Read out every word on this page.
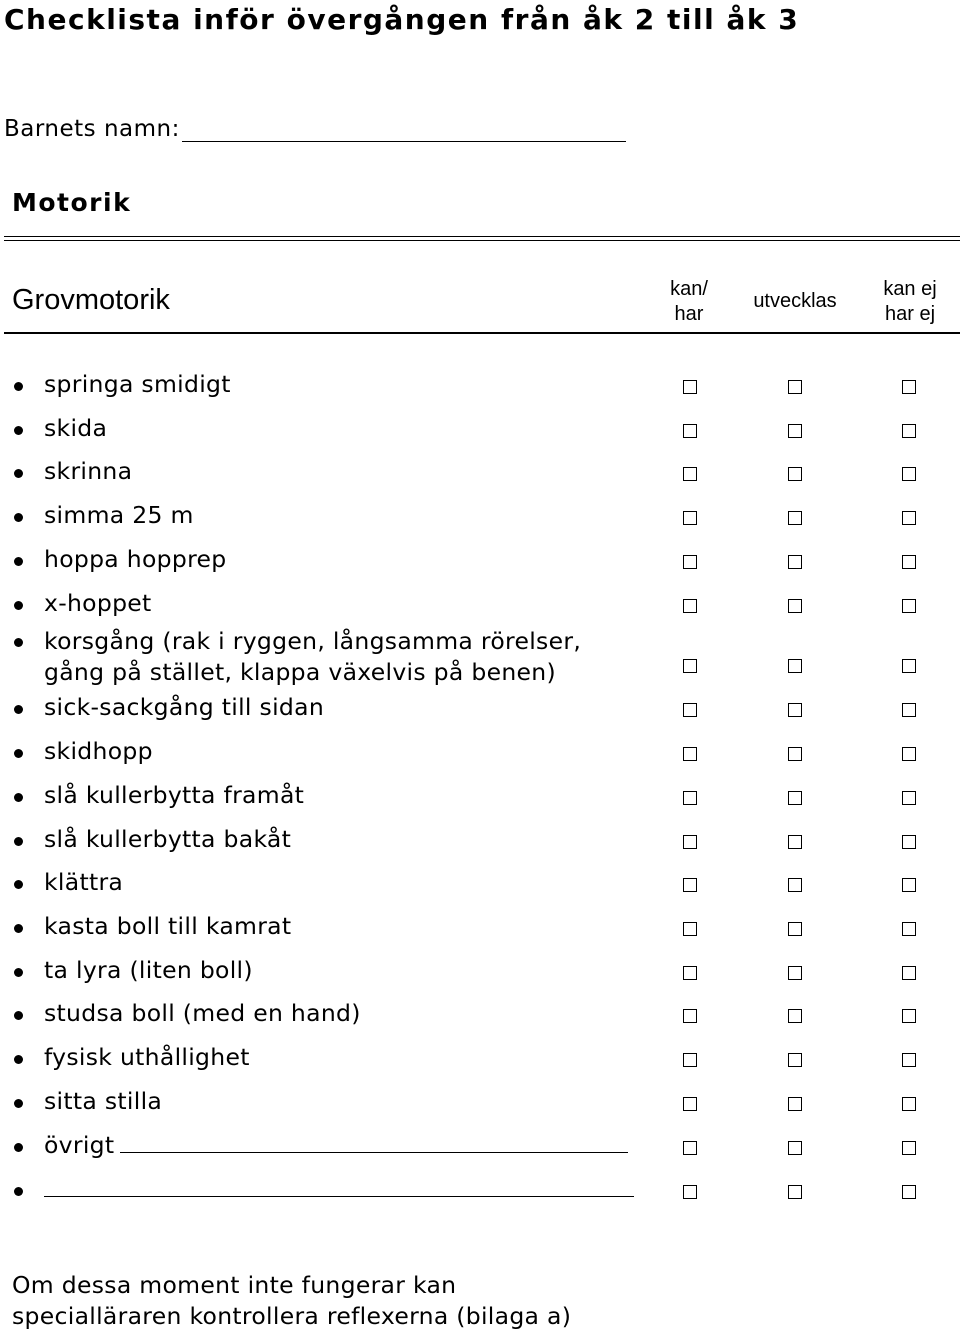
Checklista inför övergången från åk 2 till åk 3
Barnets namn:
Motorik
Grovmotorik	kan/
har
utvecklas
kan ej
har ej
springa smidigt
skida
skrinna
simma 25 m
hoppa hopprep
x-hoppet
korsgång (rak i ryggen, långsamma rörelser,
gång på stället, klappa växelvis på benen)
sick-sackgång till sidan
skidhopp
slå kullerbytta framåt
slå kullerbytta bakåt
klättra
kasta boll till kamrat
ta lyra (liten boll)
studsa boll (med en hand)
fysisk uthållighet
sitta stilla
övrigt
Om dessa moment inte fungerar kan specialläraren kontrollera reflexerna (bilaga a)
